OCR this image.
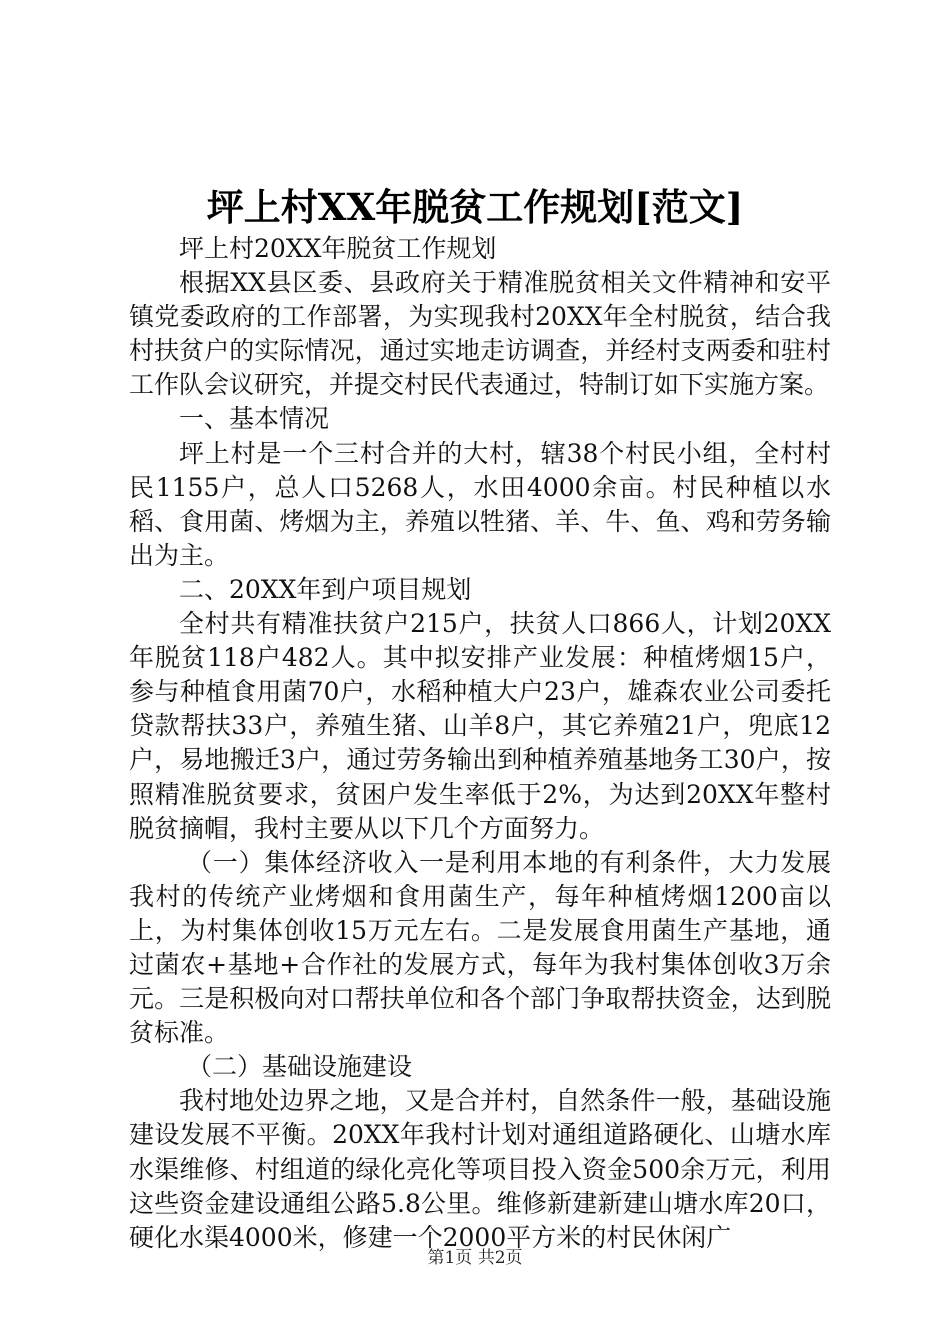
坪上村XX年脱贫工作规划[范文]

坪上村20XX年脱贫工作规划

根据XX县区委、县政府关于精准脱贫相关文件精神和安平镇党委政府的工作部署，为实现我村20XX年全村脱贫，结合我村扶贫户的实际情况，通过实地走访调查，并经村支两委和驻村工作队会议研究，并提交村民代表通过，特制订如下实施方案。

一、基本情况

坪上村是一个三村合并的大村，辖38个村民小组，全村村民1155户，总人口5268人，水田4000余亩。村民种植以水稻、食用菌、烤烟为主，养殖以牲猪、羊、牛、鱼、鸡和劳务输出为主。

二、20XX年到户项目规划

全村共有精准扶贫户215户，扶贫人口866人，计划20XX年脱贫118户482人。其中拟安排产业发展：种植烤烟15户，参与种植食用菌70户，水稻种植大户23户，雄森农业公司委托贷款帮扶33户，养殖生猪、山羊8户，其它养殖21户，兜底12户，易地搬迁3户，通过劳务输出到种植养殖基地务工30户，按照精准脱贫要求，贫困户发生率低于2%，为达到20XX年整村脱贫摘帽，我村主要从以下几个方面努力。

（一）集体经济收入一是利用本地的有利条件，大力发展我村的传统产业烤烟和食用菌生产，每年种植烤烟1200亩以上，为村集体创收15万元左右。二是发展食用菌生产基地，通过菌农+基地+合作社的发展方式，每年为我村集体创收3万余元。三是积极向对口帮扶单位和各个部门争取帮扶资金，达到脱贫标准。

（二）基础设施建设

我村地处边界之地，又是合并村，自然条件一般，基础设施建设发展不平衡。20XX年我村计划对通组道路硬化、山塘水库水渠维修、村组道的绿化亮化等项目投入资金500余万元，利用这些资金建设通组公路5.8公里。维修新建新建山塘水库20口，硬化水渠4000米，修建一个2000平方米的村民休闲广

第1页 共2页
